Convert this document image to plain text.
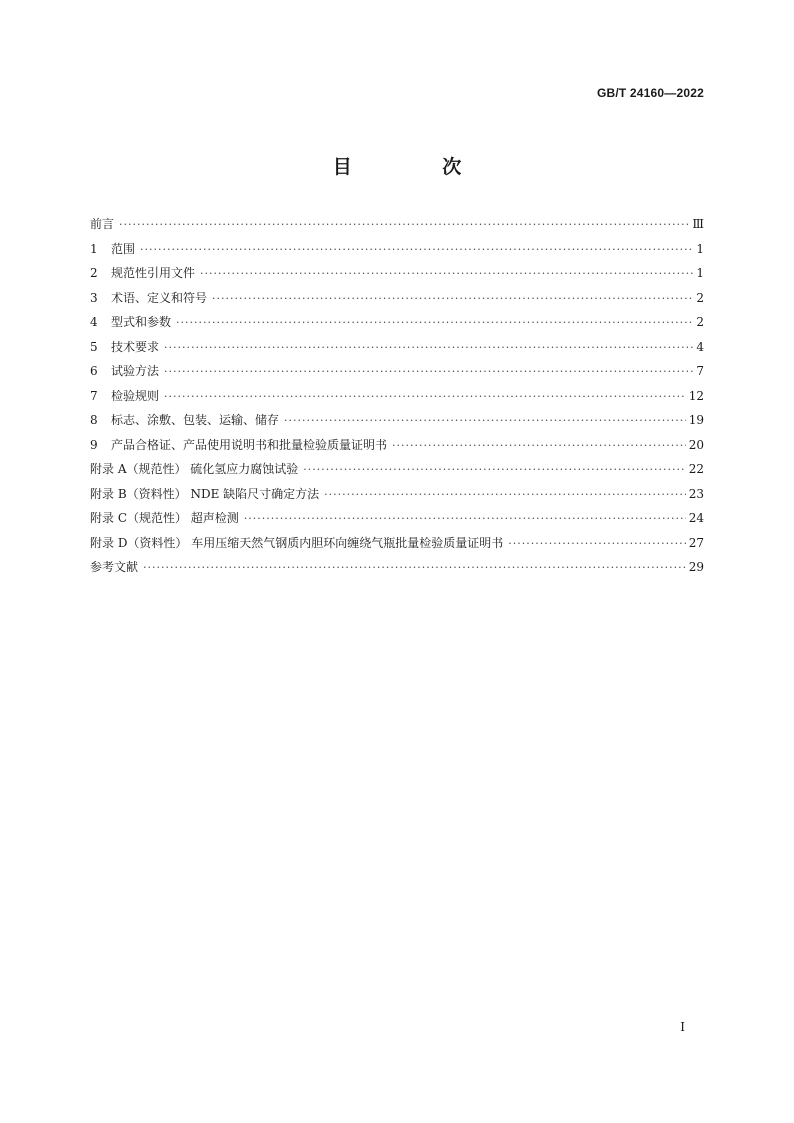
GB/T 24160—2022
目 次
前言 ·····	Ⅲ
1 范围 ·····	1
2 规范性引用文件 ·····	1
3 术语、定义和符号 ·····	2
4 型式和参数 ·····	2
5 技术要求 ·····	4
6 试验方法 ·····	7
7 检验规则 ·····	12
8 标志、涂敷、包装、运输、储存 ·····	19
9 产品合格证、产品使用说明书和批量检验质量证明书 ·····	20
附录 A（规范性） 硫化氢应力腐蚀试验 ·····	22
附录 B（资料性） NDE 缺陷尺寸确定方法 ·····	23
附录 C（规范性） 超声检测 ·····	24
附录 D（资料性） 车用压缩天然气钢质内胆环向缠绕气瓶批量检验质量证明书 ·····	27
参考文献 ·····	29
I
